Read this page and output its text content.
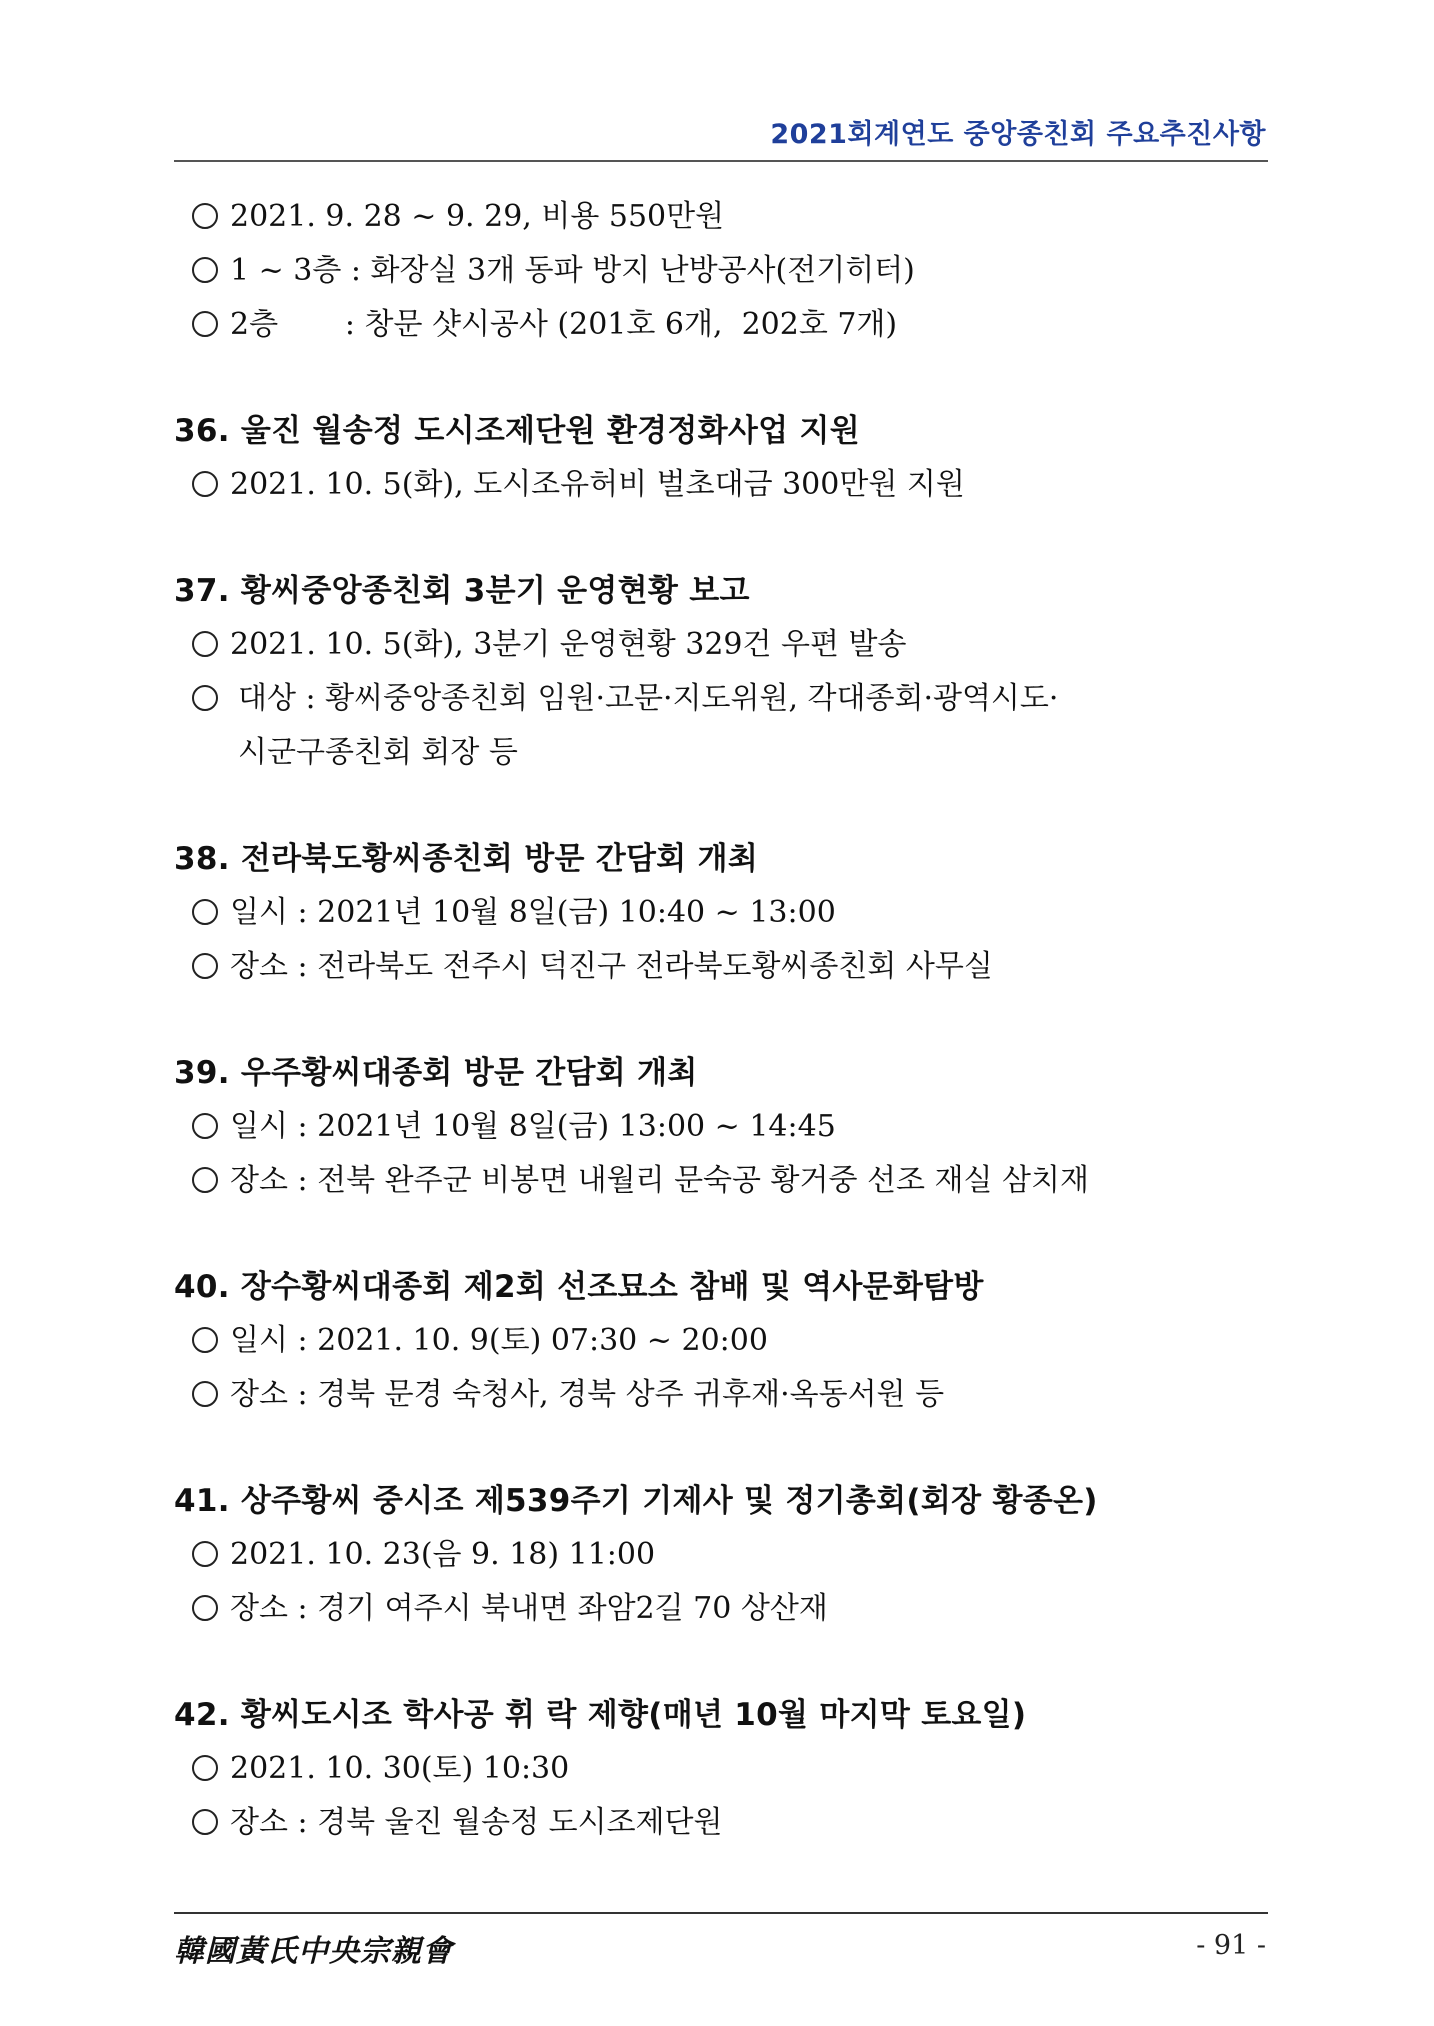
2021회계연도 중앙종친회 주요추진사항
2021. 9. 28 ~ 9. 29, 비용 550만원
1 ~ 3층 : 화장실 3개 동파 방지 난방공사(전기히터)
2층       : 창문 샷시공사 (201호 6개,  202호 7개)
36. 울진 월송정 도시조제단원 환경정화사업 지원
2021. 10. 5(화), 도시조유허비 벌초대금 300만원 지원
37. 황씨중앙종친회 3분기 운영현황 보고
2021. 10. 5(화), 3분기 운영현황 329건 우편 발송
대상 : 황씨중앙종친회 임원·고문·지도위원, 각대종회·광역시도·
시군구종친회 회장 등
38. 전라북도황씨종친회 방문 간담회 개최
일시 : 2021년 10월 8일(금) 10:40 ~ 13:00
장소 : 전라북도 전주시 덕진구 전라북도황씨종친회 사무실
39. 우주황씨대종회 방문 간담회 개최
일시 : 2021년 10월 8일(금) 13:00 ~ 14:45
장소 : 전북 완주군 비봉면 내월리 문숙공 황거중 선조 재실 삼치재
40. 장수황씨대종회 제2회 선조묘소 참배 및 역사문화탐방
일시 : 2021. 10. 9(토) 07:30 ~ 20:00
장소 : 경북 문경 숙청사, 경북 상주 귀후재·옥동서원 등
41. 상주황씨 중시조 제539주기 기제사 및 정기총회(회장 황종온)
2021. 10. 23(음 9. 18) 11:00
장소 : 경기 여주시 북내면 좌암2길 70 상산재
42. 황씨도시조 학사공 휘 락 제향(매년 10월 마지막 토요일)
2021. 10. 30(토) 10:30
장소 : 경북 울진 월송정 도시조제단원
韓國黃氏中央宗親會	- 91 -
